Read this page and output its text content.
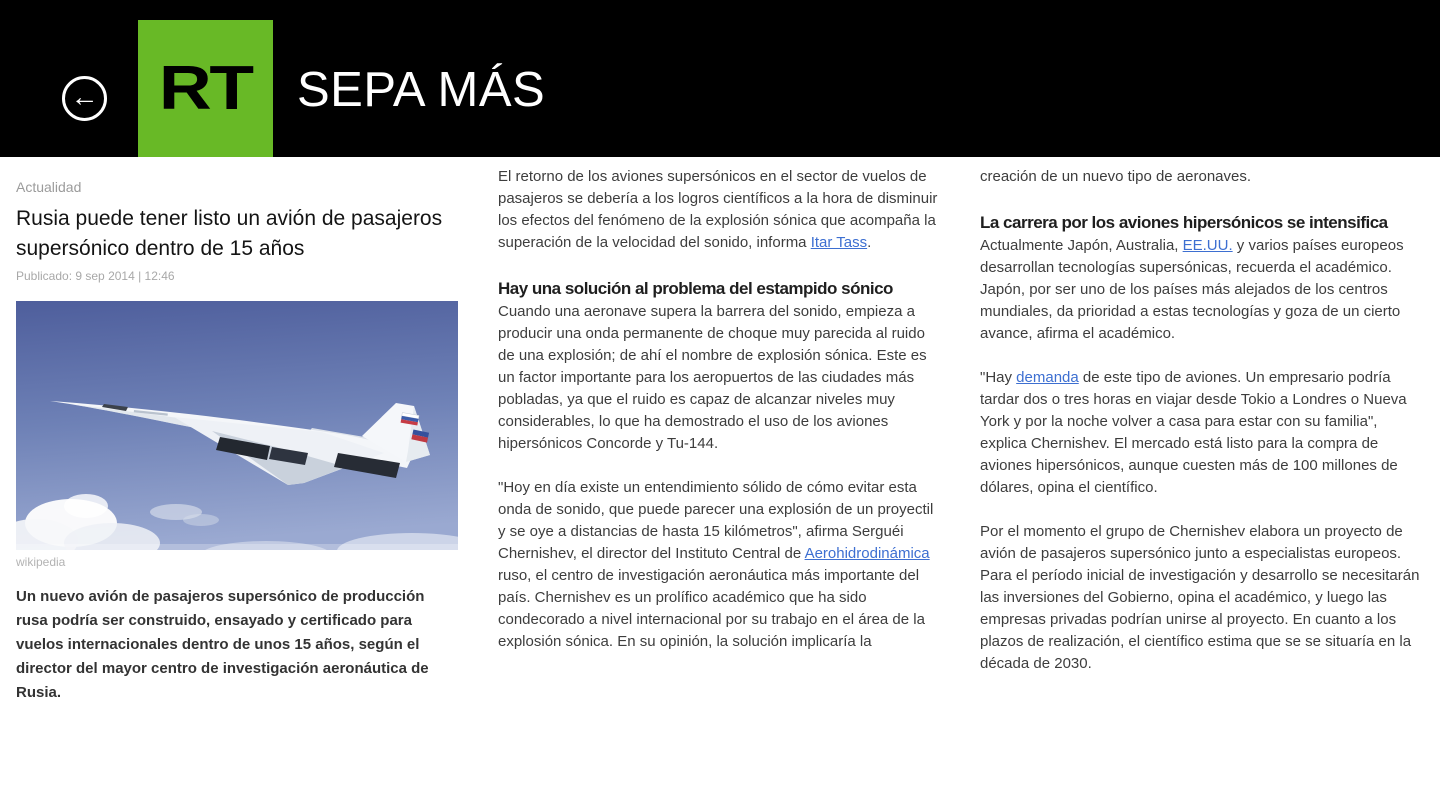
← RT SEPA MÁS
Actualidad
Rusia puede tener listo un avión de pasajeros supersónico dentro de 15 años
Publicado: 9 sep 2014 | 12:46
wikipedia

Un nuevo avión de pasajeros supersónico de producción rusa podría ser construido, ensayado y certificado para vuelos internacionales dentro de unos 15 años, según el director del mayor centro de investigación aeronáutica de Rusia.

El retorno de los aviones supersónicos en el sector de vuelos de pasajeros se debería a los logros científicos a la hora de disminuir los efectos del fenómeno de la explosión sónica que acompaña la superación de la velocidad del sonido, informa Itar Tass.

Hay una solución al problema del estampido sónico

Cuando una aeronave supera la barrera del sonido, empieza a producir una onda permanente de choque muy parecida al ruido de una explosión; de ahí el nombre de explosión sónica. Este es un factor importante para los aeropuertos de las ciudades más pobladas, ya que el ruido es capaz de alcanzar niveles muy considerables, lo que ha demostrado el uso de los aviones hipersónicos Concorde y Tu-144.

"Hoy en día existe un entendimiento sólido de cómo evitar esta onda de sonido, que puede parecer una explosión de un proyectil y se oye a distancias de hasta 15 kilómetros", afirma Serguéi Chernishev, el director del Instituto Central de Aerohidrodinámica ruso, el centro de investigación aeronáutica más importante del país. Chernishev es un prolífico académico que ha sido condecorado a nivel internacional por su trabajo en el área de la explosión sónica. En su opinión, la solución implicaría la

creación de un nuevo tipo de aeronaves.

La carrera por los aviones hipersónicos se intensifica

Actualmente Japón, Australia, EE.UU. y varios países europeos desarrollan tecnologías supersónicas, recuerda el académico. Japón, por ser uno de los países más alejados de los centros mundiales, da prioridad a estas tecnologías y goza de un cierto avance, afirma el académico.

"Hay demanda de este tipo de aviones. Un empresario podría tardar dos o tres horas en viajar desde Tokio a Londres o Nueva York y por la noche volver a casa para estar con su familia", explica Chernishev. El mercado está listo para la compra de aviones hipersónicos, aunque cuesten más de 100 millones de dólares, opina el científico.

Por el momento el grupo de Chernishev elabora un proyecto de avión de pasajeros supersónico junto a especialistas europeos. Para el período inicial de investigación y desarrollo se necesitarán las inversiones del Gobierno, opina el académico, y luego las empresas privadas podrían unirse al proyecto. En cuanto a los plazos de realización, el científico estima que se se situaría en la década de 2030.
